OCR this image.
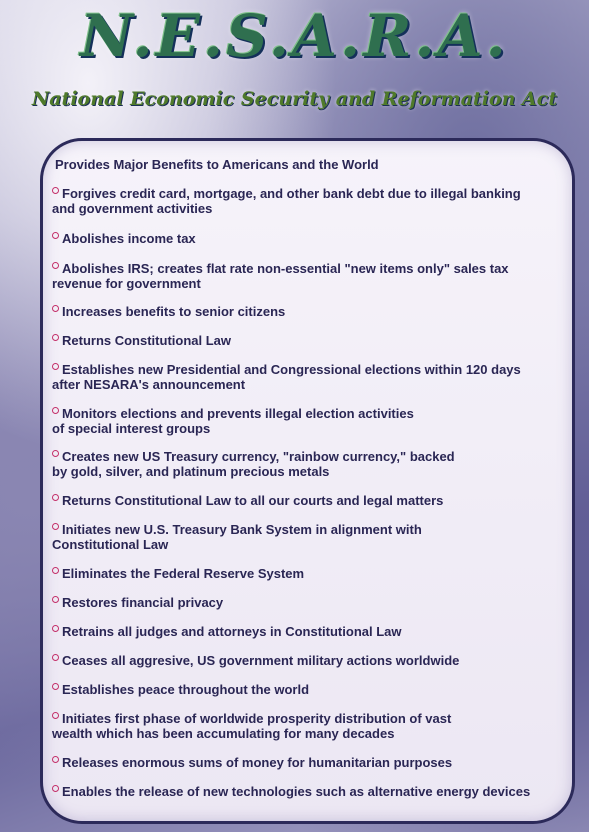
N.E.S.A.R.A.
National Economic Security and Reformation Act
Provides Major Benefits to Americans and the World
Forgives credit card, mortgage, and other bank debt due to illegal banking
and government activities
Abolishes income tax
Abolishes IRS; creates flat rate non-essential "new items only" sales tax
revenue for government
Increases benefits to senior citizens
Returns Constitutional Law
Establishes new Presidential and Congressional elections within 120 days
after NESARA's announcement
Monitors elections and prevents illegal election activities
of special interest groups
Creates new US Treasury currency, "rainbow currency," backed
by gold, silver, and platinum precious metals
Returns Constitutional Law to all our courts and legal matters
Initiates new U.S. Treasury Bank System in alignment with
Constitutional Law
Eliminates the Federal Reserve System
Restores financial privacy
Retrains all judges and attorneys in Constitutional Law
Ceases all aggresive, US government military actions worldwide
Establishes peace throughout the world
Initiates first phase of worldwide prosperity distribution of vast
wealth which has been accumulating for many decades
Releases enormous sums of money for humanitarian purposes
Enables the release of new technologies such as alternative energy devices
